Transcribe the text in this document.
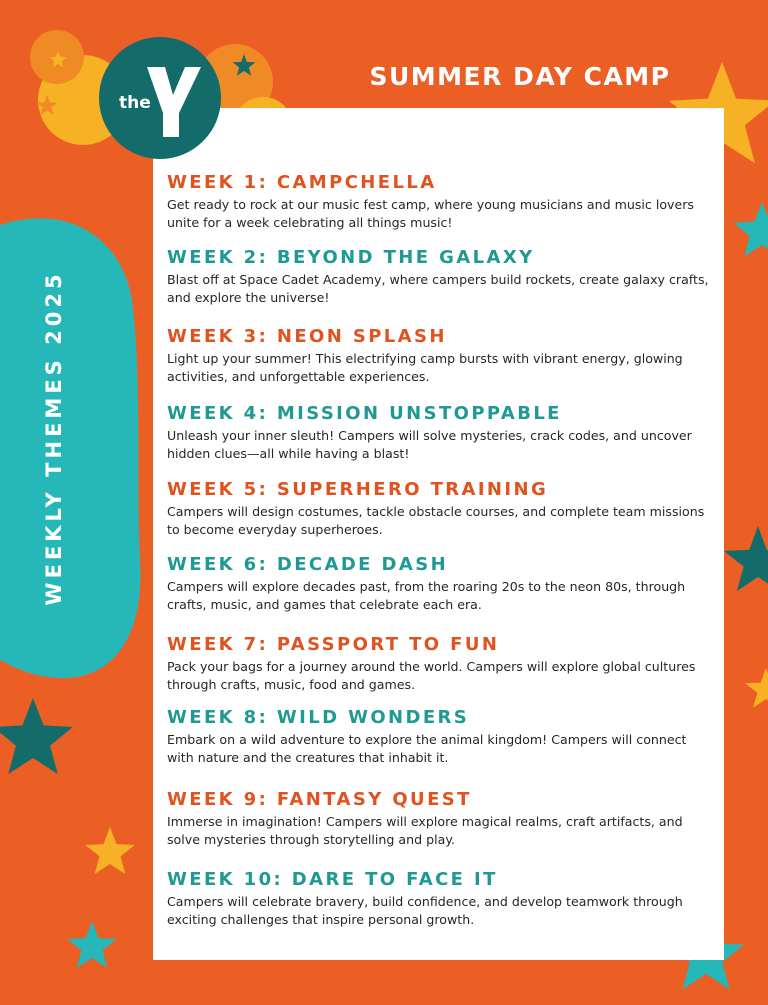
SUMMER DAY CAMP
WEEKLY THEMES 2025
the
WEEK 1: CAMPCHELLA

Get ready to rock at our music fest camp, where young musicians and music lovers unite for a week celebrating all things music!

WEEK 2: BEYOND THE GALAXY

Blast off at Space Cadet Academy, where campers build rockets, create galaxy crafts, and explore the universe!

WEEK 3: NEON SPLASH

Light up your summer! This electrifying camp bursts with vibrant energy, glowing activities, and unforgettable experiences.

WEEK 4: MISSION UNSTOPPABLE

Unleash your inner sleuth! Campers will solve mysteries, crack codes, and uncover hidden clues—all while having a blast!

WEEK 5: SUPERHERO TRAINING

Campers will design costumes, tackle obstacle courses, and complete team missions to become everyday superheroes.

WEEK 6: DECADE DASH

Campers will explore decades past, from the roaring 20s to the neon 80s, through crafts, music, and games that celebrate each era.

WEEK 7: PASSPORT TO FUN

Pack your bags for a journey around the world. Campers will explore global cultures through crafts, music, food and games.

WEEK 8: WILD WONDERS

Embark on a wild adventure to explore the animal kingdom! Campers will connect with nature and the creatures that inhabit it.

WEEK 9: FANTASY QUEST

Immerse in imagination! Campers will explore magical realms, craft artifacts, and solve mysteries through storytelling and play.

WEEK 10: DARE TO FACE IT

Campers will celebrate bravery, build confidence, and develop teamwork through exciting challenges that inspire personal growth.
